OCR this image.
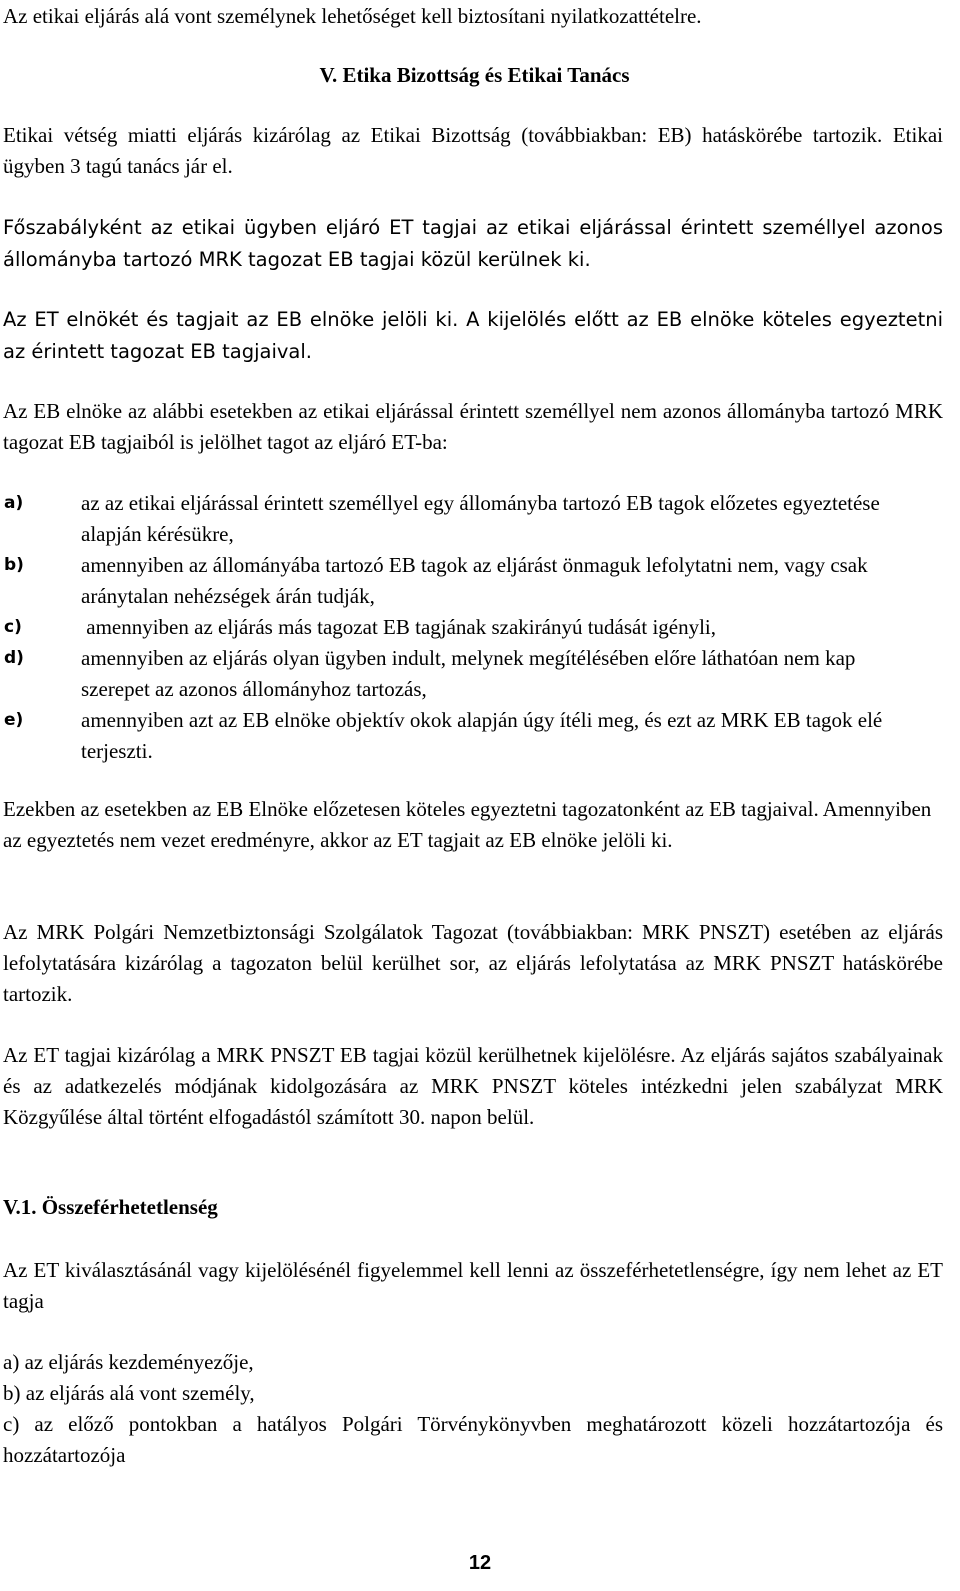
Az etikai eljárás alá vont személynek lehetőséget kell biztosítani nyilatkozattételre.

V. Etika Bizottság és Etikai Tanács

Etikai vétség miatti eljárás kizárólag az Etikai Bizottság (továbbiakban: EB) hatáskörébe tartozik. Etikai ügyben 3 tagú tanács jár el.

Főszabályként az etikai ügyben eljáró ET tagjai az etikai eljárással érintett személlyel azonos állományba tartozó MRK tagozat EB tagjai közül kerülnek ki.

Az ET elnökét és tagjait az EB elnöke jelöli ki. A kijelölés előtt az EB elnöke köteles egyeztetni az érintett tagozat EB tagjaival.

Az EB elnöke az alábbi esetekben az etikai eljárással érintett személlyel nem azonos állományba tartozó MRK tagozat EB tagjaiból is jelölhet tagot az eljáró ET-ba:

a)	az az etikai eljárással érintett személlyel egy állományba tartozó EB tagok előzetes egyeztetése alapján kérésükre,
b)	amennyiben az állományába tartozó EB tagok az eljárást önmaguk lefolytatni nem, vagy csak aránytalan nehézségek árán tudják,
c)	amennyiben az eljárás más tagozat EB tagjának szakirányú tudását igényli,
d)	amennyiben az eljárás olyan ügyben indult, melynek megítélésében előre láthatóan nem kap szerepet az azonos állományhoz tartozás,
e)	amennyiben azt az EB elnöke objektív okok alapján úgy ítéli meg, és ezt az MRK EB tagok elé terjeszti.

Ezekben az esetekben az EB Elnöke előzetesen köteles egyeztetni tagozatonként az EB tagjaival. Amennyiben az egyeztetés nem vezet eredményre, akkor az ET tagjait az EB elnöke jelöli ki.

Az MRK Polgári Nemzetbiztonsági Szolgálatok Tagozat (továbbiakban: MRK PNSZT) esetében az eljárás lefolytatására kizárólag a tagozaton belül kerülhet sor, az eljárás lefolytatása az MRK PNSZT hatáskörébe tartozik.

Az ET tagjai kizárólag a MRK PNSZT EB tagjai közül kerülhetnek kijelölésre. Az eljárás sajátos szabályainak és az adatkezelés módjának kidolgozására az MRK PNSZT köteles intézkedni jelen szabályzat MRK Közgyűlése által történt elfogadástól számított 30. napon belül.

V.1. Összeférhetetlenség

Az ET kiválasztásánál vagy kijelölésénél figyelemmel kell lenni az összeférhetetlenségre, így nem lehet az ET tagja

a) az eljárás kezdeményezője,

b) az eljárás alá vont személy,

c) az előző pontokban a hatályos Polgári Törvénykönyvben meghatározott közeli hozzátartozója és hozzátartozója

12
